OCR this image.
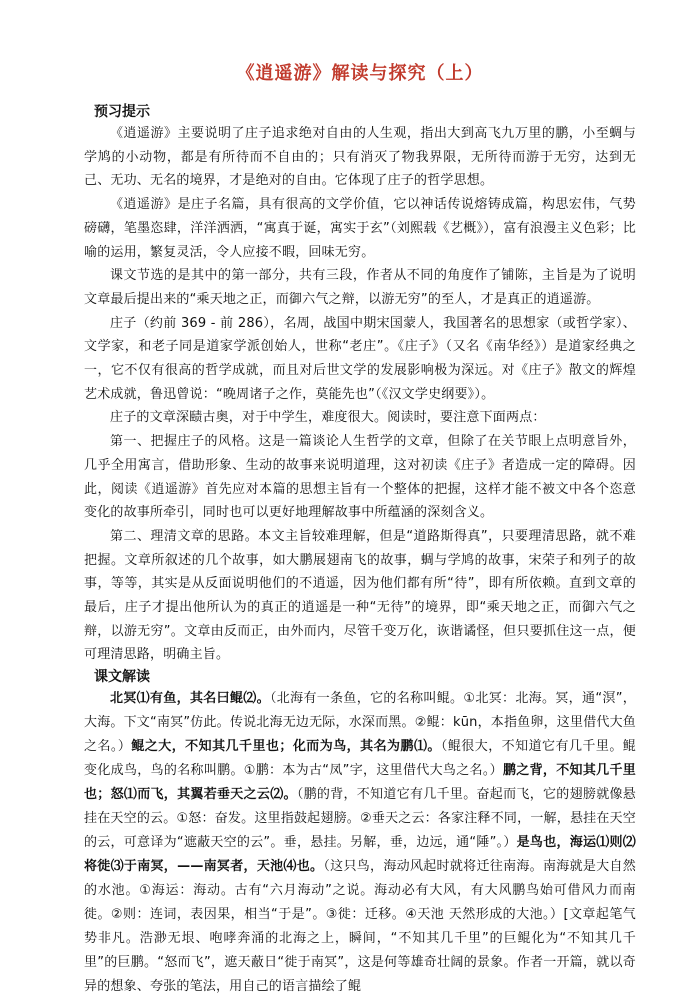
《逍遥游》解读与探究（上）
预习提示

《逍遥游》主要说明了庄子追求绝对自由的人生观，指出大到高飞九万里的鹏，小至蜩与学鸠的小动物，都是有所待而不自由的；只有消灭了物我界限，无所待而游于无穷，达到无己、无功、无名的境界，才是绝对的自由。它体现了庄子的哲学思想。

《逍遥游》是庄子名篇，具有很高的文学价值，它以神话传说熔铸成篇，构思宏伟，气势磅礴，笔墨恣肆，洋洋洒洒，“寓真于诞，寓实于玄”（刘熙载《艺概》），富有浪漫主义色彩；比喻的运用，繁复灵活，令人应接不暇，回味无穷。

课文节选的是其中的第一部分，共有三段，作者从不同的角度作了铺陈，主旨是为了说明文章最后提出来的“乘天地之正，而御六气之辩，以游无穷”的至人，才是真正的逍遥游。

庄子（约前 369 - 前 286），名周，战国中期宋国蒙人，我国著名的思想家（或哲学家）、文学家，和老子同是道家学派创始人，世称“老庄”。《庄子》（又名《南华经》）是道家经典之一，它不仅有很高的哲学成就，而且对后世文学的发展影响极为深远。对《庄子》散文的辉煌艺术成就，鲁迅曾说：“晚周诸子之作，莫能先也”（《汉文学史纲要》）。

庄子的文章深赜古奥，对于中学生，难度很大。阅读时，要注意下面两点：

第一、把握庄子的风格。这是一篇谈论人生哲学的文章，但除了在关节眼上点明意旨外，几乎全用寓言，借助形象、生动的故事来说明道理，这对初读《庄子》者造成一定的障碍。因此，阅读《逍遥游》首先应对本篇的思想主旨有一个整体的把握，这样才能不被文中各个恣意变化的故事所牵引，同时也可以更好地理解故事中所蕴涵的深刻含义。

第二、理清文章的思路。本文主旨较难理解，但是“道路斯得真”，只要理清思路，就不难把握。文章所叙述的几个故事，如大鹏展翅南飞的故事，蜩与学鸠的故事，宋荣子和列子的故事，等等，其实是从反面说明他们的不逍遥，因为他们都有所“待”，即有所依赖。直到文章的最后，庄子才提出他所认为的真正的逍遥是一种“无待”的境界，即“乘天地之正，而御六气之辩，以游无穷”。文章由反而正，由外而内，尽管千变万化，诙谐谲怪，但只要抓住这一点，便可理清思路，明确主旨。

课文解读

北冥⑴有鱼，其名曰鲲⑵。（北海有一条鱼，它的名称叫鲲。①北冥：北海。冥，通“溟”，大海。下文“南冥”仿此。传说北海无边无际，水深而黑。②鲲：kūn，本指鱼卵，这里借代大鱼之名。）鲲之大，不知其几千里也；化而为鸟，其名为鹏⑴。（鲲很大，不知道它有几千里。鲲变化成鸟，鸟的名称叫鹏。①鹏：本为古“凤”字，这里借代大鸟之名。）鹏之背，不知其几千里也；怒⑴而飞，其翼若垂天之云⑵。（鹏的背，不知道它有几千里。奋起而飞，它的翅膀就像悬挂在天空的云。①怒：奋发。这里指鼓起翅膀。②垂天之云：各家注释不同，一解，悬挂在天空的云，可意译为“遮蔽天空的云”。垂，悬挂。另解，垂，边远，通“陲”。）是鸟也，海运⑴则⑵将徙⑶于南冥，——南冥者，天池⑷也。（这只鸟，海动风起时就将迁往南海。南海就是大自然的水池。①海运：海动。古有“六月海动”之说。海动必有大风，有大风鹏鸟始可借风力而南徙。②则：连词，表因果，相当“于是”。③徙：迁移。④天池 天然形成的大池。）[文章起笔气势非凡。浩渺无垠、咆哮奔涌的北海之上，瞬间，“不知其几千里”的巨鲲化为“不知其几千里”的巨鹏。“怒而飞”，遮天蔽日“徙于南冥”，这是何等雄奇壮阔的景象。作者一开篇，就以奇异的想象、夸张的笔法，用自己的语言描绘了鲲
